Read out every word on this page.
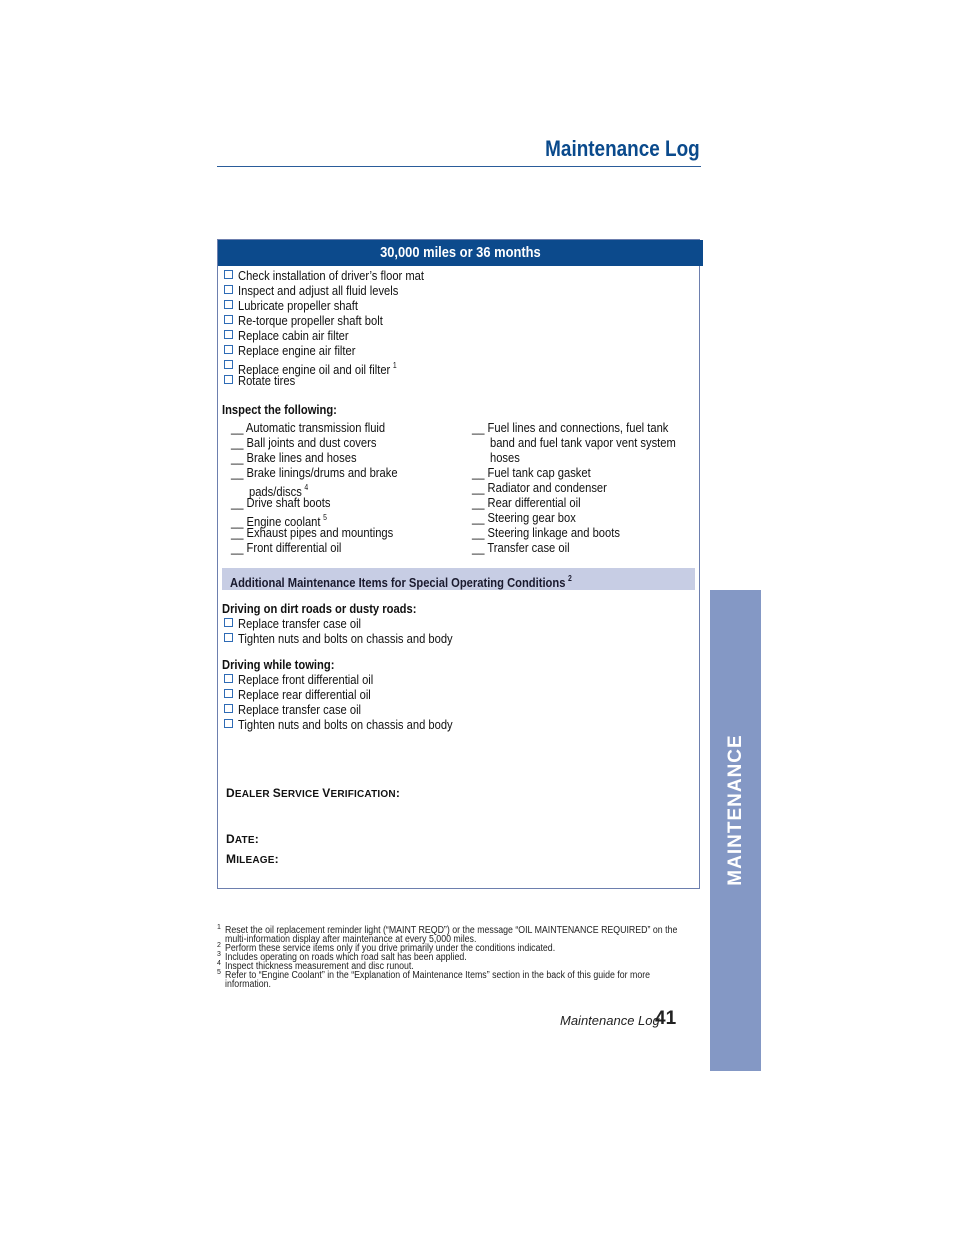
Maintenance Log
30,000 miles or 36 months
Check installation of driver’s floor mat
Inspect and adjust all fluid levels
Lubricate propeller shaft
Re-torque propeller shaft bolt
Replace cabin air filter
Replace engine air filter
Replace engine oil and oil filter $^1$
Rotate tires
Inspect the following:
__ Automatic transmission fluid
__ Ball joints and dust covers
__ Brake lines and hoses
__ Brake linings/drums and brake
pads/discs $^4$
__ Drive shaft boots
__ Engine coolant $^5$
__ Exhaust pipes and mountings
__ Front differential oil
__ Fuel lines and connections, fuel tank
band and fuel tank vapor vent system
hoses
__ Fuel tank cap gasket
__ Radiator and condenser
__ Rear differential oil
__ Steering gear box
__ Steering linkage and boots
__ Transfer case oil
Additional Maintenance Items for Special Operating Conditions $^2$
Driving on dirt roads or dusty roads:
Replace transfer case oil
Tighten nuts and bolts on chassis and body
Driving while towing:
Replace front differential oil
Replace rear differential oil
Replace transfer case oil
Tighten nuts and bolts on chassis and body
DEALER SERVICE VERIFICATION:
DATE:
MILEAGE:
1 Reset the oil replacement reminder light (“MAINT REQD”) or the message “OIL MAINTENANCE REQUIRED” on the
multi-information display after maintenance at every 5,000 miles.
2 Perform these service items only if you drive primarily under the conditions indicated.
3 Includes operating on roads which road salt has been applied.
4 Inspect thickness measurement and disc runout.
5 Refer to “Engine Coolant” in the “Explanation of Maintenance Items” section in the back of this guide for more
information.
Maintenance Log
41
MAINTENANCE
